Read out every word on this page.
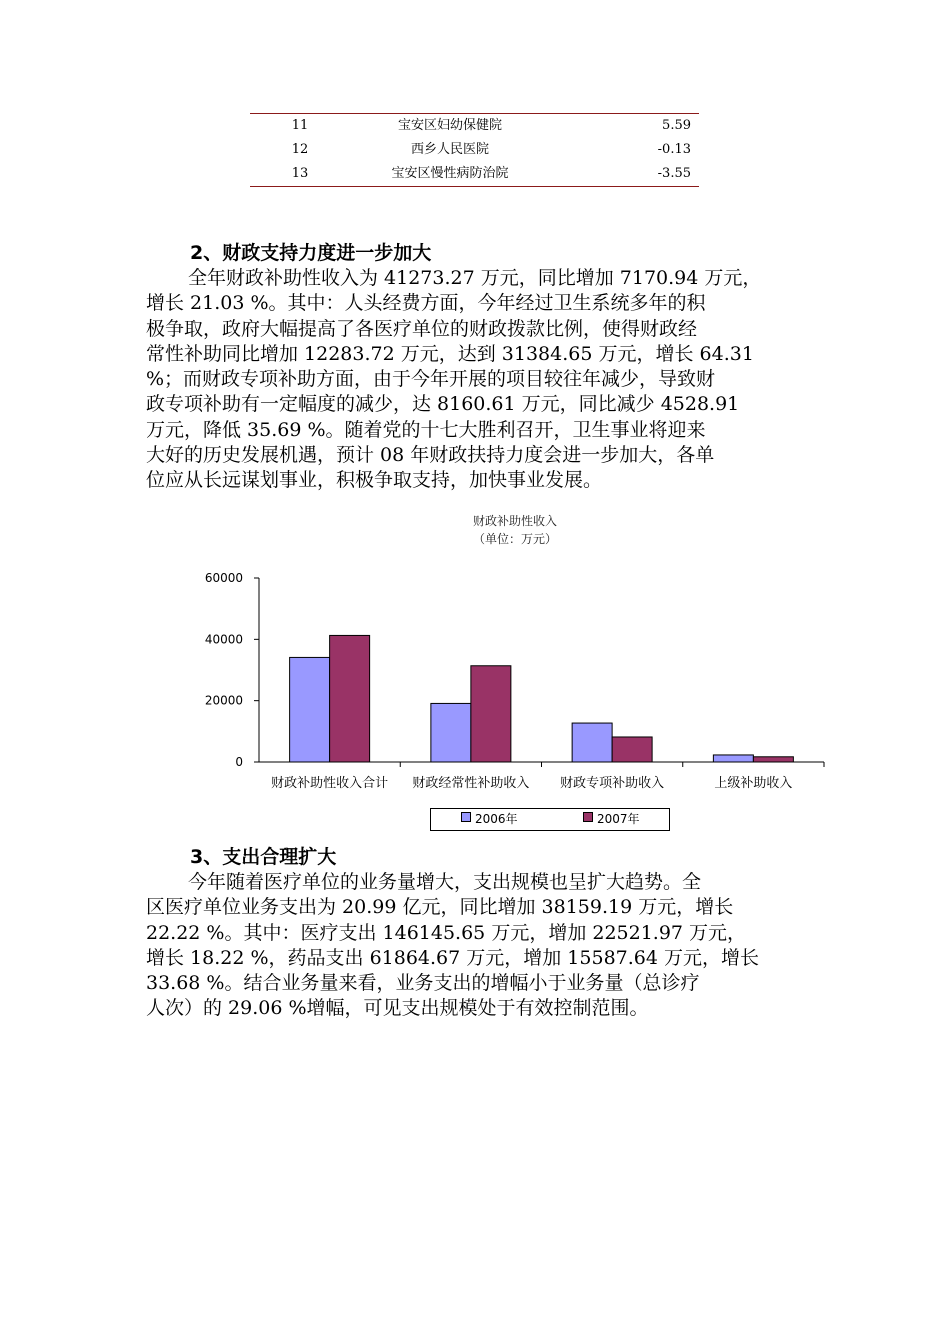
11	宝安区妇幼保健院	5.59
12	西乡人民医院	-0.13
13	宝安区慢性病防治院	-3.55
2、财政支持力度进一步加大

全年财政补助性收入为 41273.27 万元，同比增加 7170.94 万元，

增长 21.03 %。其中：人头经费方面，今年经过卫生系统多年的积

极争取，政府大幅提高了各医疗单位的财政拨款比例，使得财政经

常性补助同比增加 12283.72 万元，达到 31384.65 万元，增长 64.31

%；而财政专项补助方面，由于今年开展的项目较往年减少，导致财

政专项补助有一定幅度的减少，达 8160.61 万元，同比减少 4528.91

万元，降低 35.69 %。随着党的十七大胜利召开，卫生事业将迎来

大好的历史发展机遇，预计 08 年财政扶持力度会进一步加大，各单

位应从长远谋划事业，积极争取支持，加快事业发展。

财政补助性收入
（单位：万元）
0
20000
40000
60000
财政补助性收入合计 财政经常性补助收入 财政专项补助收入	上级补助收入
2006年	2007年
3、支出合理扩大

今年随着医疗单位的业务量增大，支出规模也呈扩大趋势。全

区医疗单位业务支出为 20.99 亿元，同比增加 38159.19 万元，增长

22.22 %。其中：医疗支出 146145.65 万元，增加 22521.97 万元，

增长 18.22 %，药品支出 61864.67 万元，增加 15587.64 万元，增长

33.68 %。结合业务量来看，业务支出的增幅小于业务量（总诊疗

人次）的 29.06 %增幅，可见支出规模处于有效控制范围。
